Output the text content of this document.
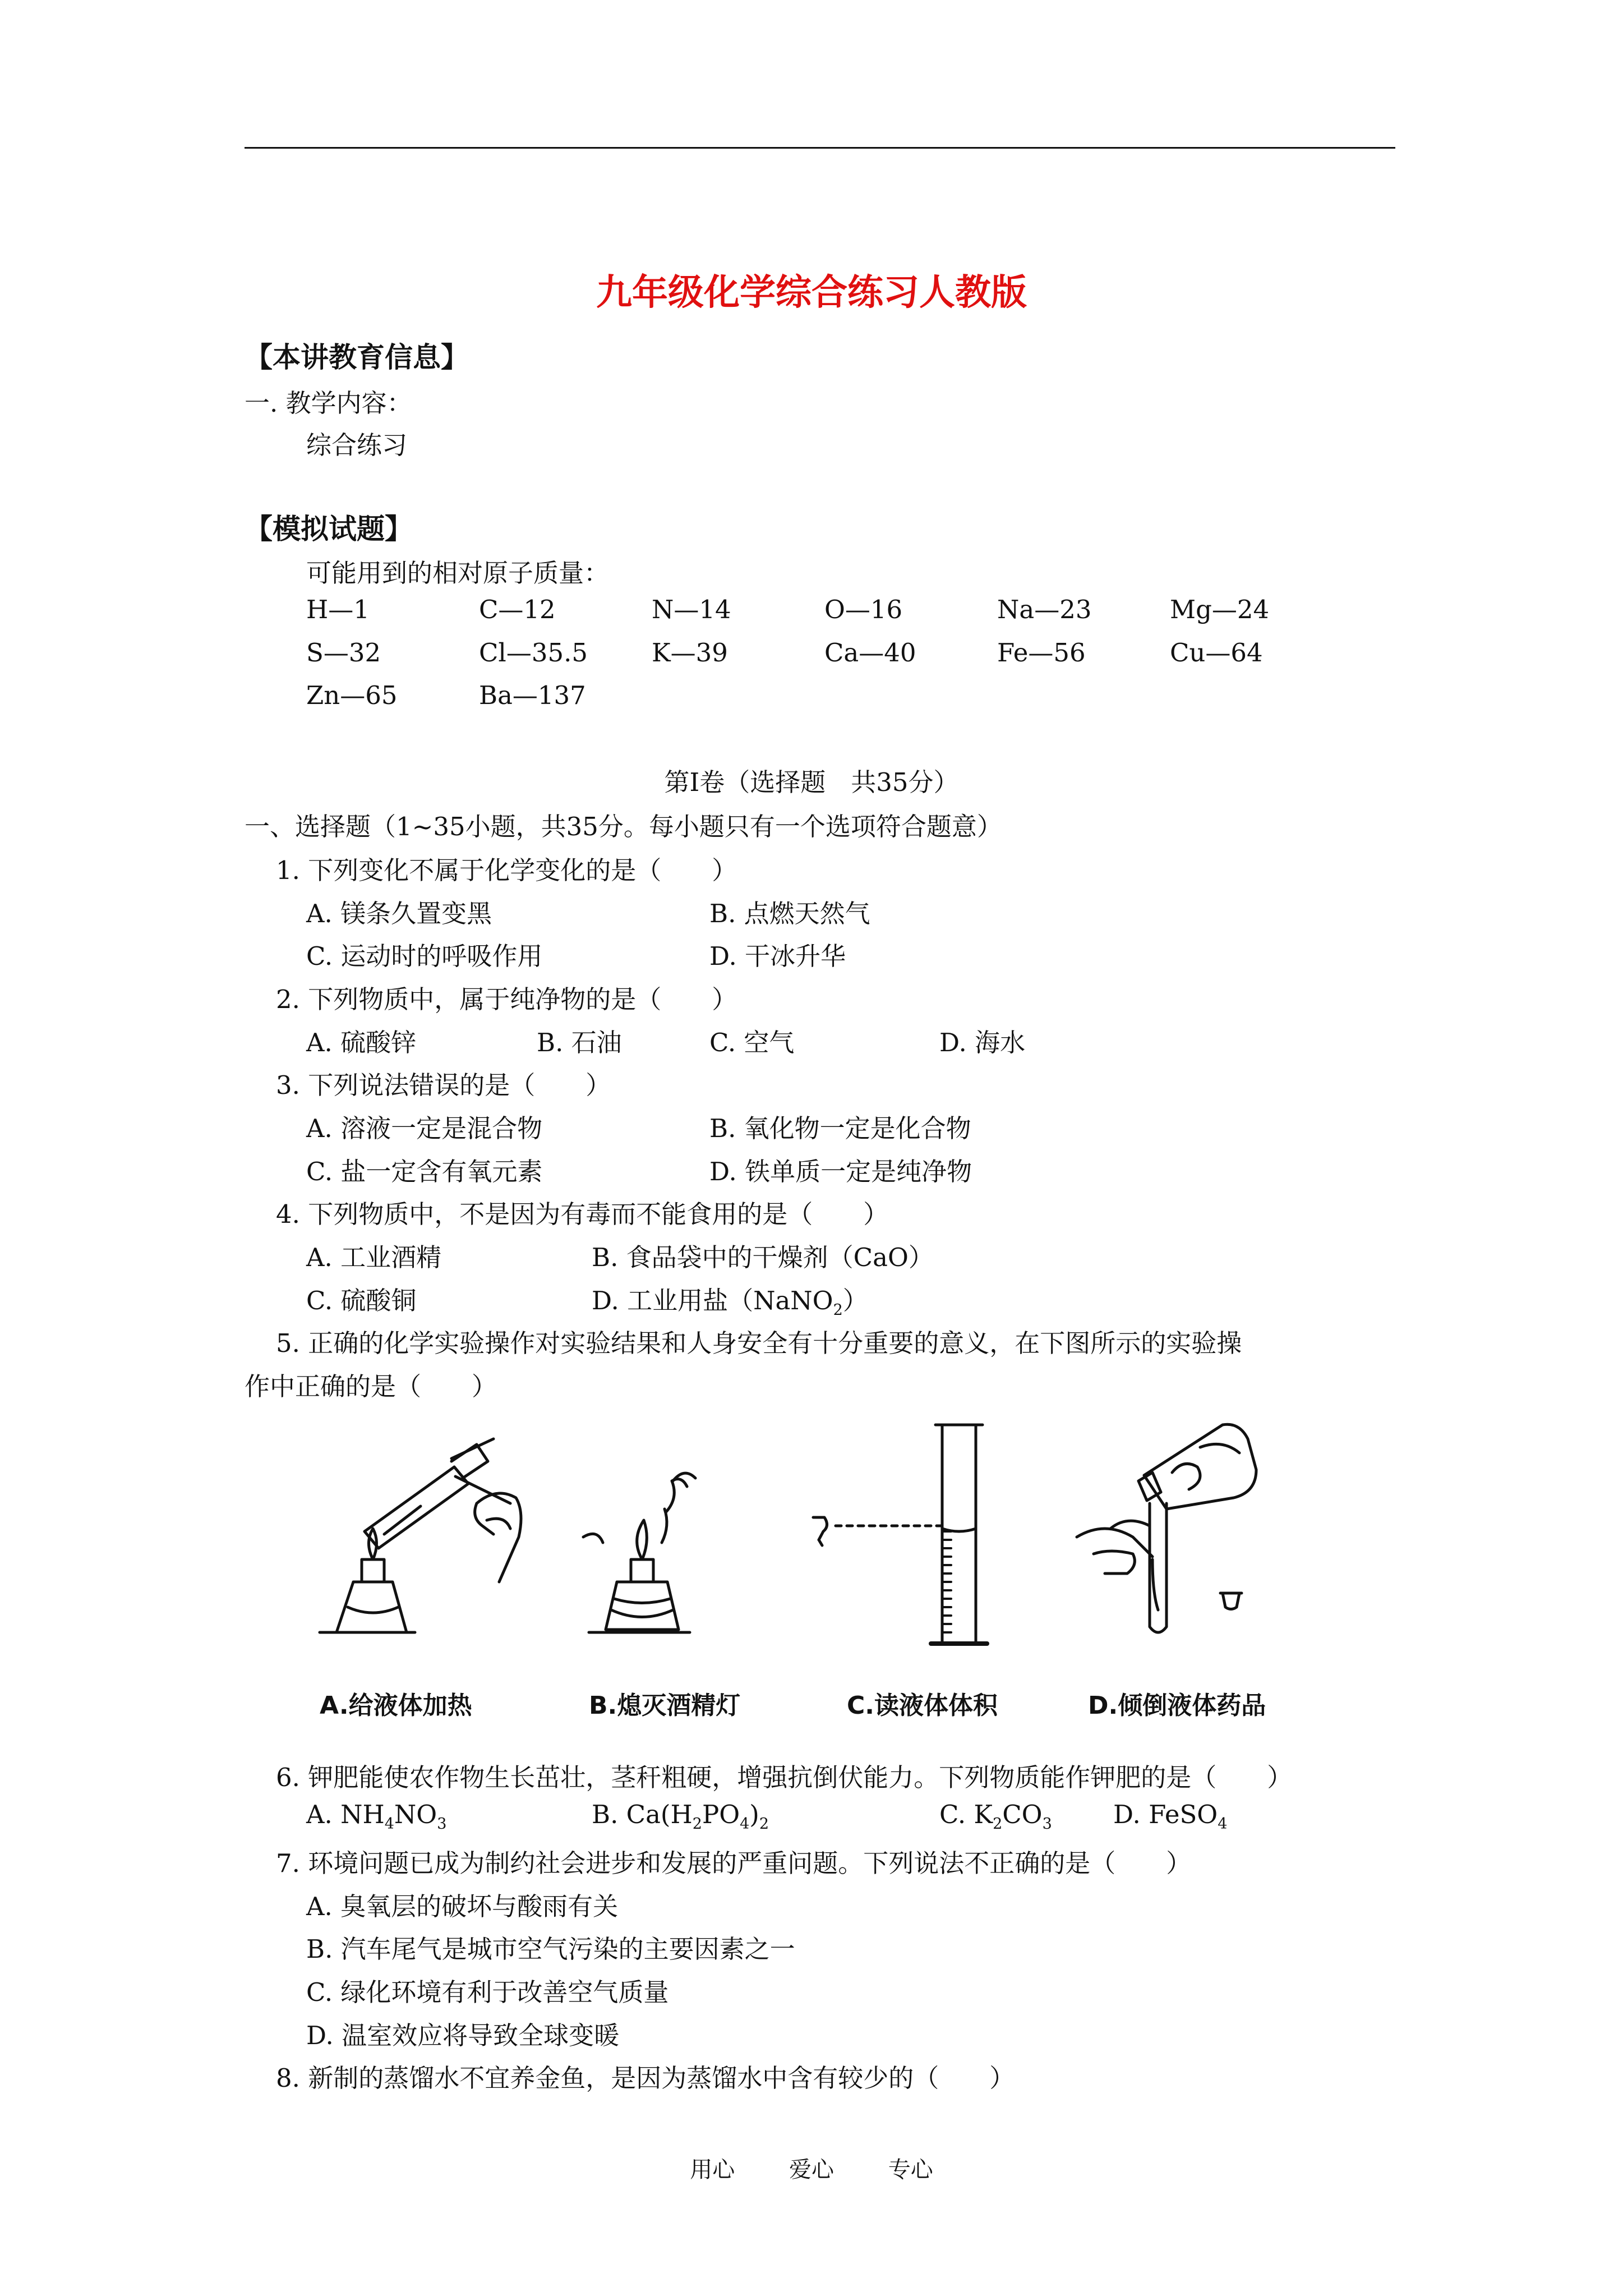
九年级化学综合练习人教版
【本讲教育信息】
一. 教学内容：
综合练习
【模拟试题】
可能用到的相对原子质量：
H—1	C—12	N—14	O—16	Na—23	Mg—24
S—32	Cl—35.5	K—39	Ca—40	Fe—56	Cu—64
Zn—65	Ba—137
第Ⅰ卷（选择题　共35分）
一、选择题（1~35小题，共35分。每小题只有一个选项符合题意）
1. 下列变化不属于化学变化的是（　　）
A. 镁条久置变黑	B. 点燃天然气
C. 运动时的呼吸作用	D. 干冰升华
2. 下列物质中，属于纯净物的是（　　）
A. 硫酸锌	B. 石油	C. 空气	D. 海水
3. 下列说法错误的是（　　）
A. 溶液一定是混合物	B. 氧化物一定是化合物
C. 盐一定含有氧元素	D. 铁单质一定是纯净物
4. 下列物质中，不是因为有毒而不能食用的是（　　）
A. 工业酒精	B. 食品袋中的干燥剂（CaO）
C. 硫酸铜	D. 工业用盐（NaNO$_2$）
5. 正确的化学实验操作对实验结果和人身安全有十分重要的意义，在下图所示的实验操
作中正确的是（　　）
A.给液体加热	B.熄灭酒精灯	C.读液体体积	D.倾倒液体药品
6. 钾肥能使农作物生长茁壮，茎秆粗硬，增强抗倒伏能力。下列物质能作钾肥的是（　　）
A. $NH_4NO_3$	B. $Ca(H_2PO_4)_2$	C. $K_2CO_3$ D. FeSO$_4$
7. 环境问题已成为制约社会进步和发展的严重问题。下列说法不正确的是（　　）
A. 臭氧层的破坏与酸雨有关
B. 汽车尾气是城市空气污染的主要因素之一
C. 绿化环境有利于改善空气质量
D. 温室效应将导致全球变暖
8. 新制的蒸馏水不宜养金鱼，是因为蒸馏水中含有较少的（　　）
用心 爱心 专心
